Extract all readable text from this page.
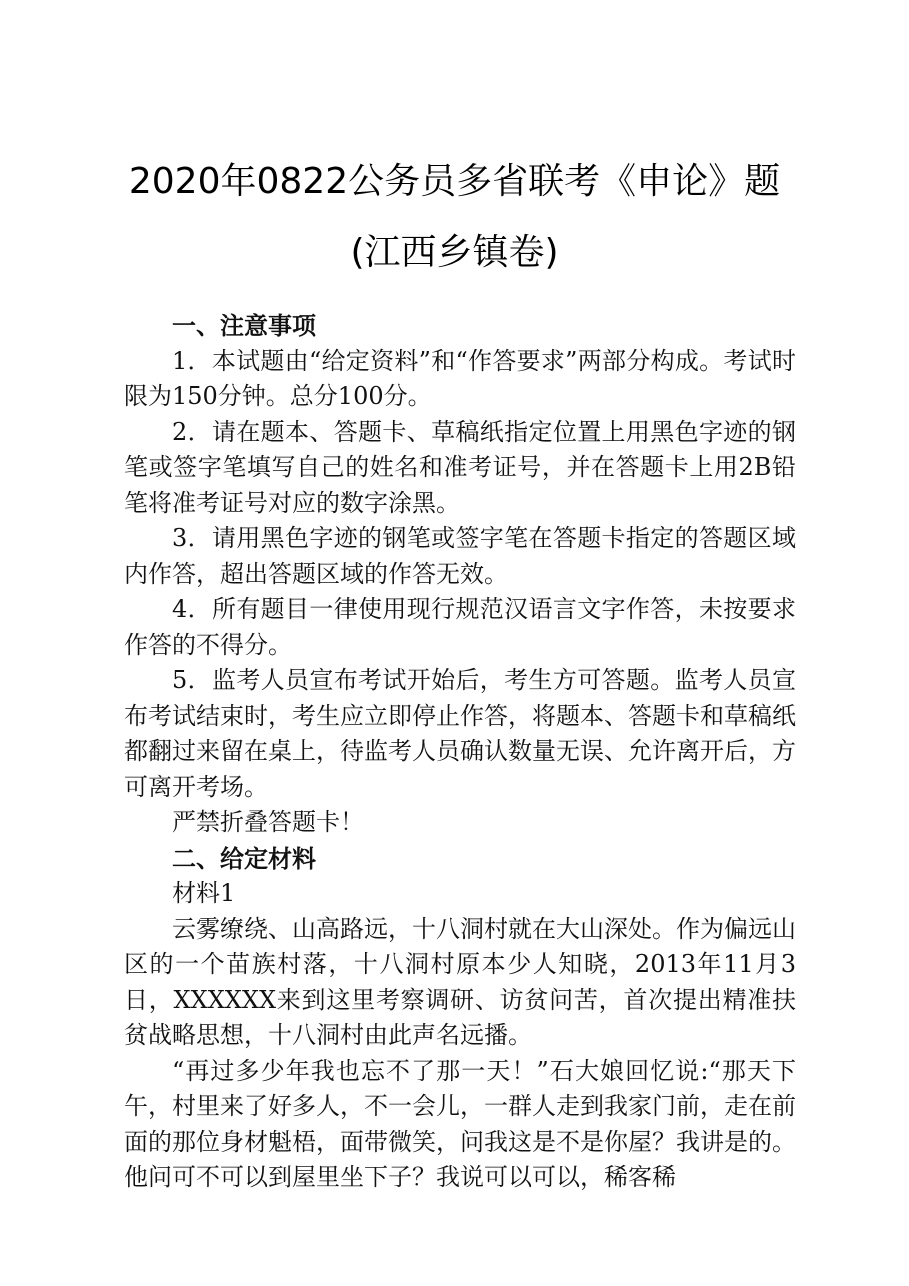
2020年0822公务员多省联考《申论》题
(江西乡镇卷)

一、注意事项

1．本试题由“给定资料”和“作答要求”两部分构成。考试时限为150分钟。总分100分。

2．请在题本、答题卡、草稿纸指定位置上用黑色字迹的钢笔或签字笔填写自己的姓名和准考证号，并在答题卡上用2B铅笔将准考证号对应的数字涂黑。

3．请用黑色字迹的钢笔或签字笔在答题卡指定的答题区域内作答，超出答题区域的作答无效。

4．所有题目一律使用现行规范汉语言文字作答，未按要求作答的不得分。

5．监考人员宣布考试开始后，考生方可答题。监考人员宣布考试结束时，考生应立即停止作答，将题本、答题卡和草稿纸都翻过来留在桌上，待监考人员确认数量无误、允许离开后，方可离开考场。

严禁折叠答题卡！

二、给定材料

材料1

云雾缭绕、山高路远，十八洞村就在大山深处。作为偏远山区的一个苗族村落，十八洞村原本少人知晓，2013年11月3日，XXXXXX来到这里考察调研、访贫问苦，首次提出精准扶贫战略思想，十八洞村由此声名远播。

“再过多少年我也忘不了那一天！”石大娘回忆说:“那天下午，村里来了好多人，不一会儿，一群人走到我家门前，走在前面的那位身材魁梧，面带微笑，问我这是不是你屋？我讲是的。他问可不可以到屋里坐下子？我说可以可以，稀客稀
